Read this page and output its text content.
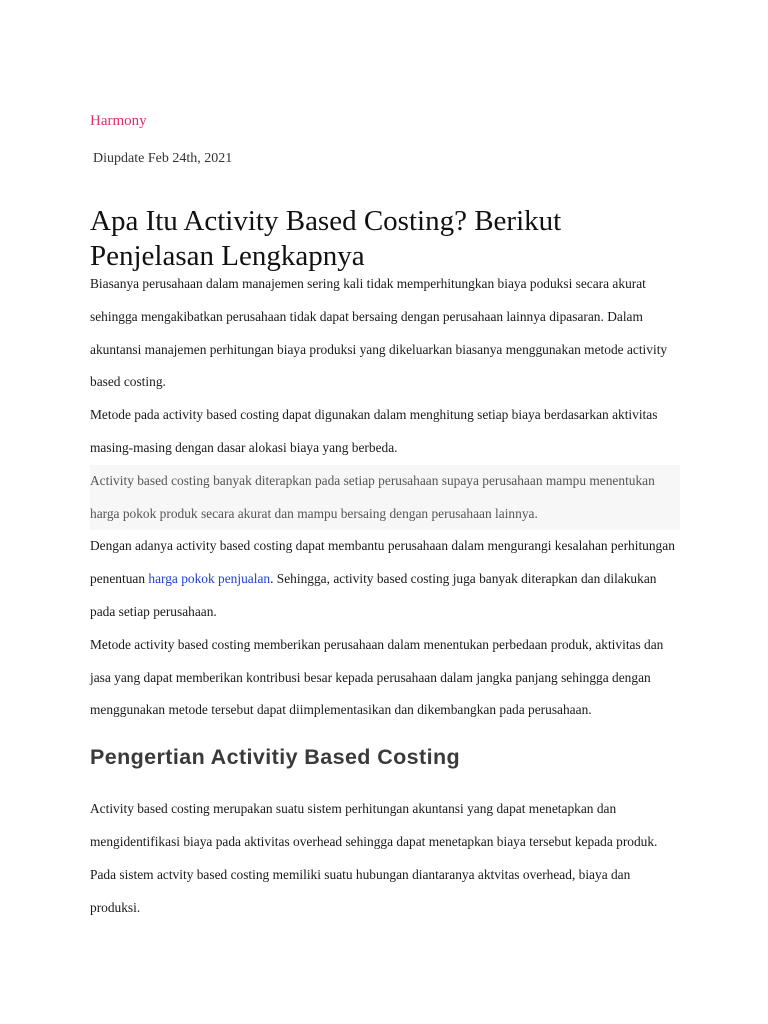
Harmony
Diupdate Feb 24th, 2021
Apa Itu Activity Based Costing? Berikut Penjelasan Lengkapnya

Biasanya perusahaan dalam manajemen sering kali tidak memperhitungkan biaya poduksi secara akurat sehingga mengakibatkan perusahaan tidak dapat bersaing dengan perusahaan lainnya dipasaran. Dalam akuntansi manajemen perhitungan biaya produksi yang dikeluarkan biasanya menggunakan metode activity based costing.

Metode pada activity based costing dapat digunakan dalam menghitung setiap biaya berdasarkan aktivitas masing-masing dengan dasar alokasi biaya yang berbeda.

Activity based costing banyak diterapkan pada setiap perusahaan supaya perusahaan mampu menentukan harga pokok produk secara akurat dan mampu bersaing dengan perusahaan lainnya.

Dengan adanya activity based costing dapat membantu perusahaan dalam mengurangi kesalahan perhitungan penentuan harga pokok penjualan. Sehingga, activity based costing juga banyak diterapkan dan dilakukan pada setiap perusahaan.

Metode activity based costing memberikan perusahaan dalam menentukan perbedaan produk, aktivitas dan jasa yang dapat memberikan kontribusi besar kepada perusahaan dalam jangka panjang sehingga dengan menggunakan metode tersebut dapat diimplementasikan dan dikembangkan pada perusahaan.

Pengertian Activitiy Based Costing

Activity based costing merupakan suatu sistem perhitungan akuntansi yang dapat menetapkan dan mengidentifikasi biaya pada aktivitas overhead sehingga dapat menetapkan biaya tersebut kepada produk. Pada sistem actvity based costing memiliki suatu hubungan diantaranya aktvitas overhead, biaya dan produksi.
